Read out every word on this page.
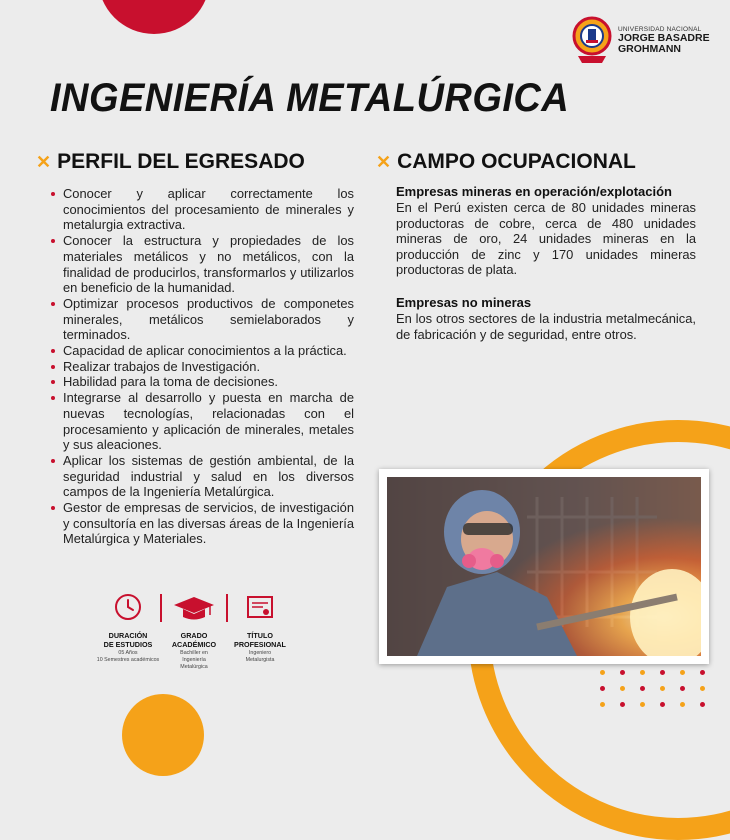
UNIVERSIDAD NACIONAL
JORGE BASADRE
GROHMANN
INGENIERÍA METALÚRGICA
✕ PERFIL DEL EGRESADO
Conocer y aplicar correctamente los conocimientos del procesamiento de minerales y metalurgia extractiva.
Conocer la estructura y propiedades de los materiales metálicos y no metálicos, con la finalidad de producirlos, transformarlos y utilizarlos en beneficio de la humanidad.
Optimizar procesos productivos de componetes minerales, metálicos semielaborados y terminados.
Capacidad de aplicar conocimientos a la práctica.
Realizar trabajos de Investigación.
Habilidad para la toma de decisiones.
Integrarse al desarrollo y puesta en marcha de nuevas tecnologías, relacionadas con el procesamiento y aplicación de minerales, metales y sus aleaciones.
Aplicar los sistemas de gestión ambiental, de la seguridad industrial y salud en los diversos campos de la Ingeniería Metalúrgica.
Gestor de empresas de servicios, de investigación y consultoría en las diversas áreas de la Ingeniería Metalúrgica y Materiales.
✕ CAMPO OCUPACIONAL
Empresas mineras en operación/explotación
En el Perú existen cerca de 80 unidades mineras productoras de cobre, cerca de 480 unidades mineras de oro, 24 unidades mineras en la producción de zinc y 170 unidades mineras productoras de plata.
Empresas no mineras
En los otros sectores de la industria metalmecánica, de fabricación y de seguridad, entre otros.
DURACIÓN
DE ESTUDIOS
05 Años
10 Semestres académicos
GRADO
ACADÉMICO
Bachiller en
Ingeniería
Metalúrgica
TÍTULO
PROFESIONAL
Ingeniero
Metalurgista
